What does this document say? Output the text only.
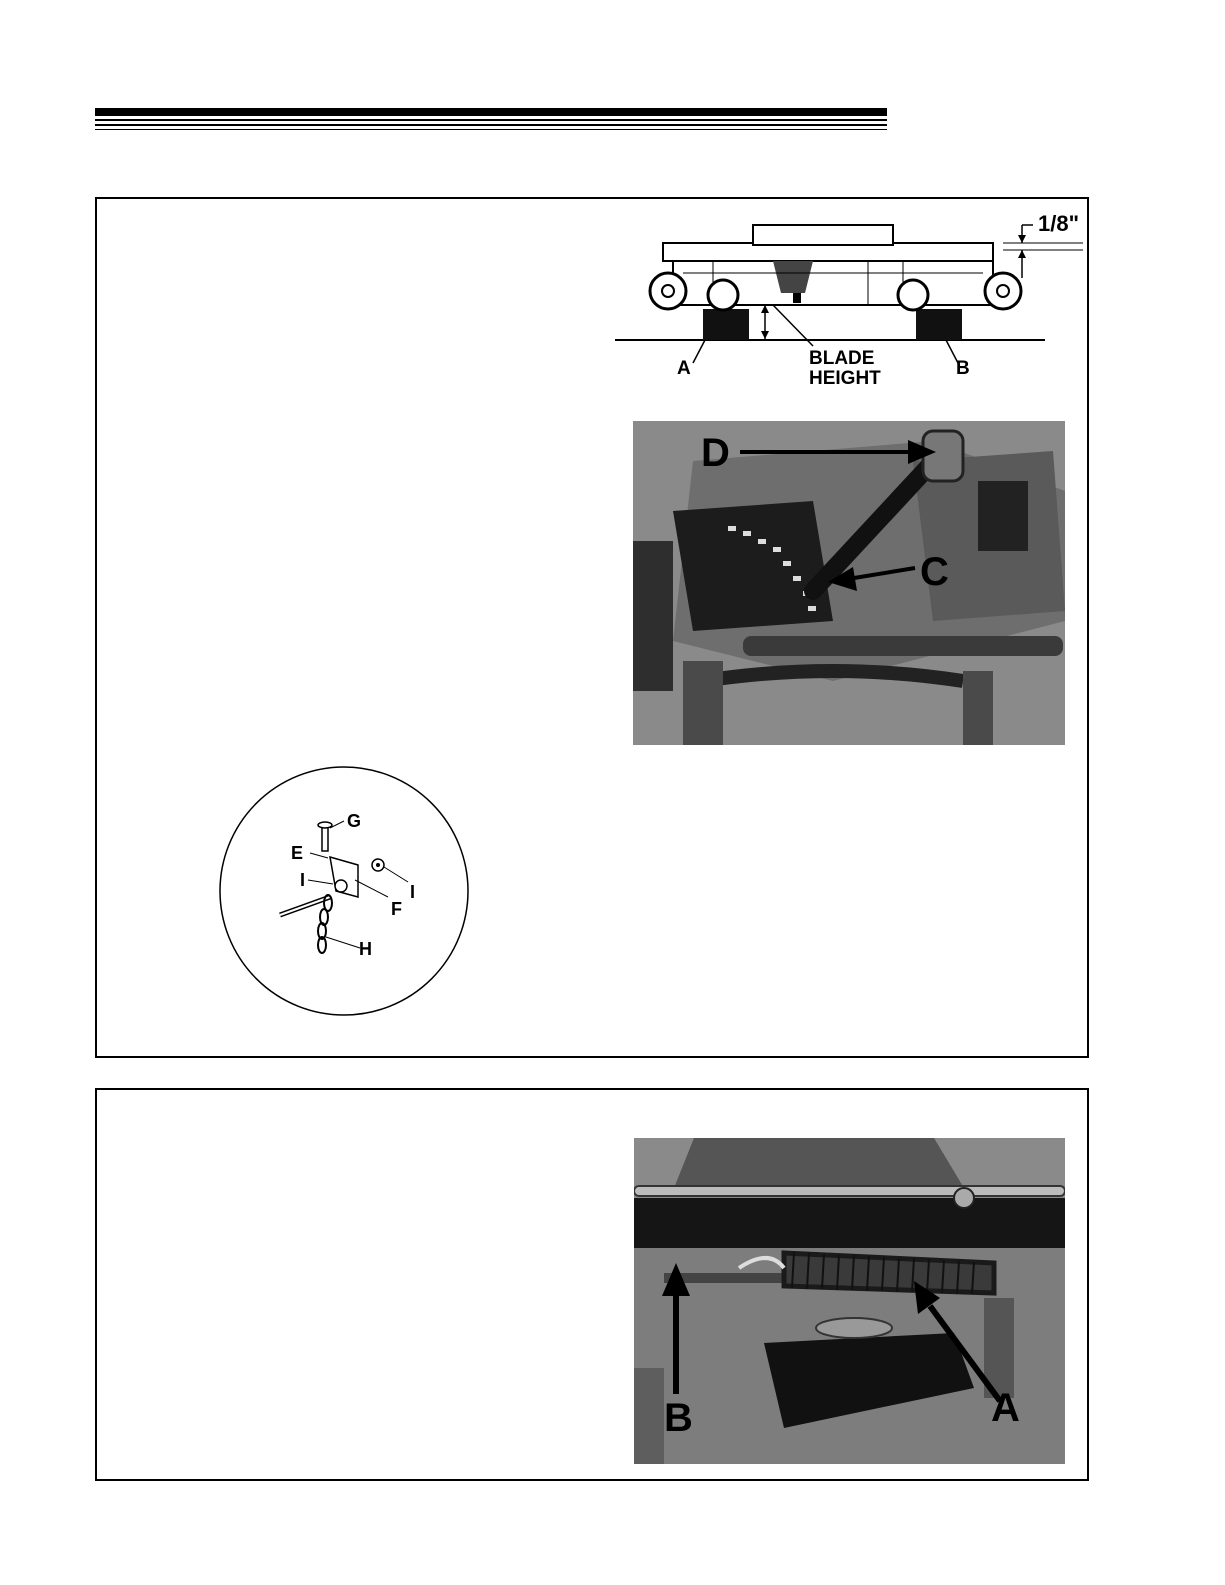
1/8"
A	B
BLADE
HEIGHT
D
C
G
E
I
F
I
H
B	A
